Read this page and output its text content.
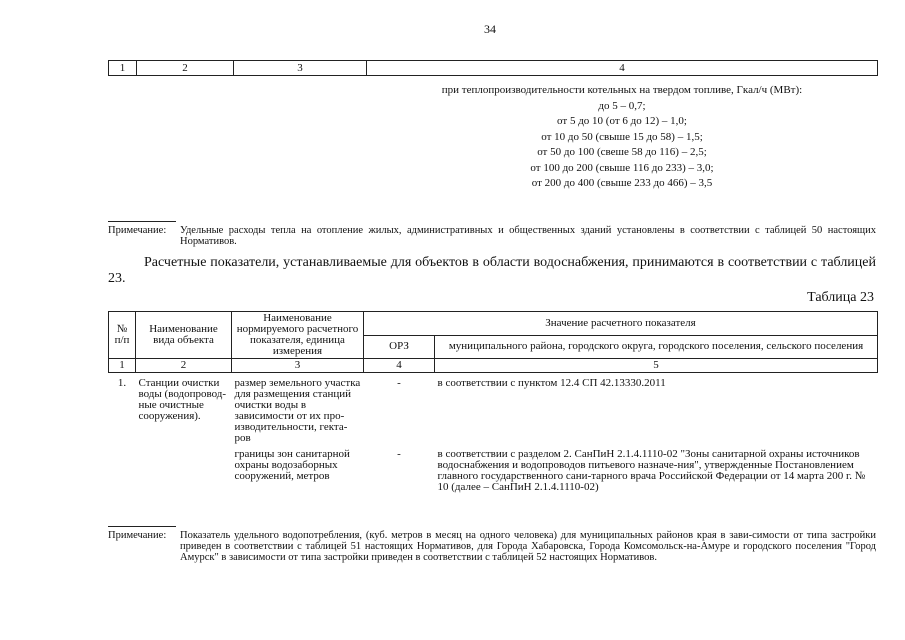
34
1	2	3	4
при теплопроизводительности котельных на твердом топливе, Гкал/ч (МВт):
до 5 – 0,7;
от 5 до 10 (от 6 до 12) – 1,0;
от 10 до 50 (свыше 15 до 58) – 1,5;
от 50 до 100 (свеше 58 до 116) – 2,5;
от 100 до 200 (свыше 116 до 233) – 3,0;
от 200 до 400 (свыше 233 до 466) – 3,5
Примечание:	Удельные расходы тепла на отопление жилых, административных и общественных зданий установлены в соответствии с таблицей 50 настоящих Нормативов.
Расчетные показатели, устанавливаемые для объектов в области водоснабжения, принимаются в соответствии с таблицей 23.
Таблица 23
№ п/п	Наименование вида объекта	Наименование нормируемого расчетного показателя, единица измерения	Значение расчетного показателя	
			ОРЗ	муниципального района, городского округа, городского поселения, сельского поселения
1	2	3	4	5
1.	Станции очистки воды (водопровод-ные очистные сооружения).	размер земельного участка для размещения станций очистки воды в зависимости от их про-изводительности, гекта-ров	-	в соответствии с пунктом 12.4 СП 42.13330.2011
		границы зон санитарной охраны водозаборных сооружений, метров	-	в соответствии с разделом 2. СанПиН 2.1.4.1110-02 "Зоны санитарной охраны источников водоснабжения и водопроводов питьевого назначе-ния", утвержденные Постановлением главного государственного сани-тарного врача Российской Федерации от 14 марта 200 г. № 10 (далее – СанПиН 2.1.4.1110-02)
Примечание:	Показатель удельного водопотребления, (куб. метров в месяц на одного человека) для муниципальных районов края в зави-симости от типа застройки приведен в соответствии с таблицей 51 настоящих Нормативов, для Города Хабаровска, Города Комсомольск-на-Амуре и городского поселения "Город Амурск" в зависимости от типа застройки приведен в соответствии с таблицей 52 настоящих Нормативов.
